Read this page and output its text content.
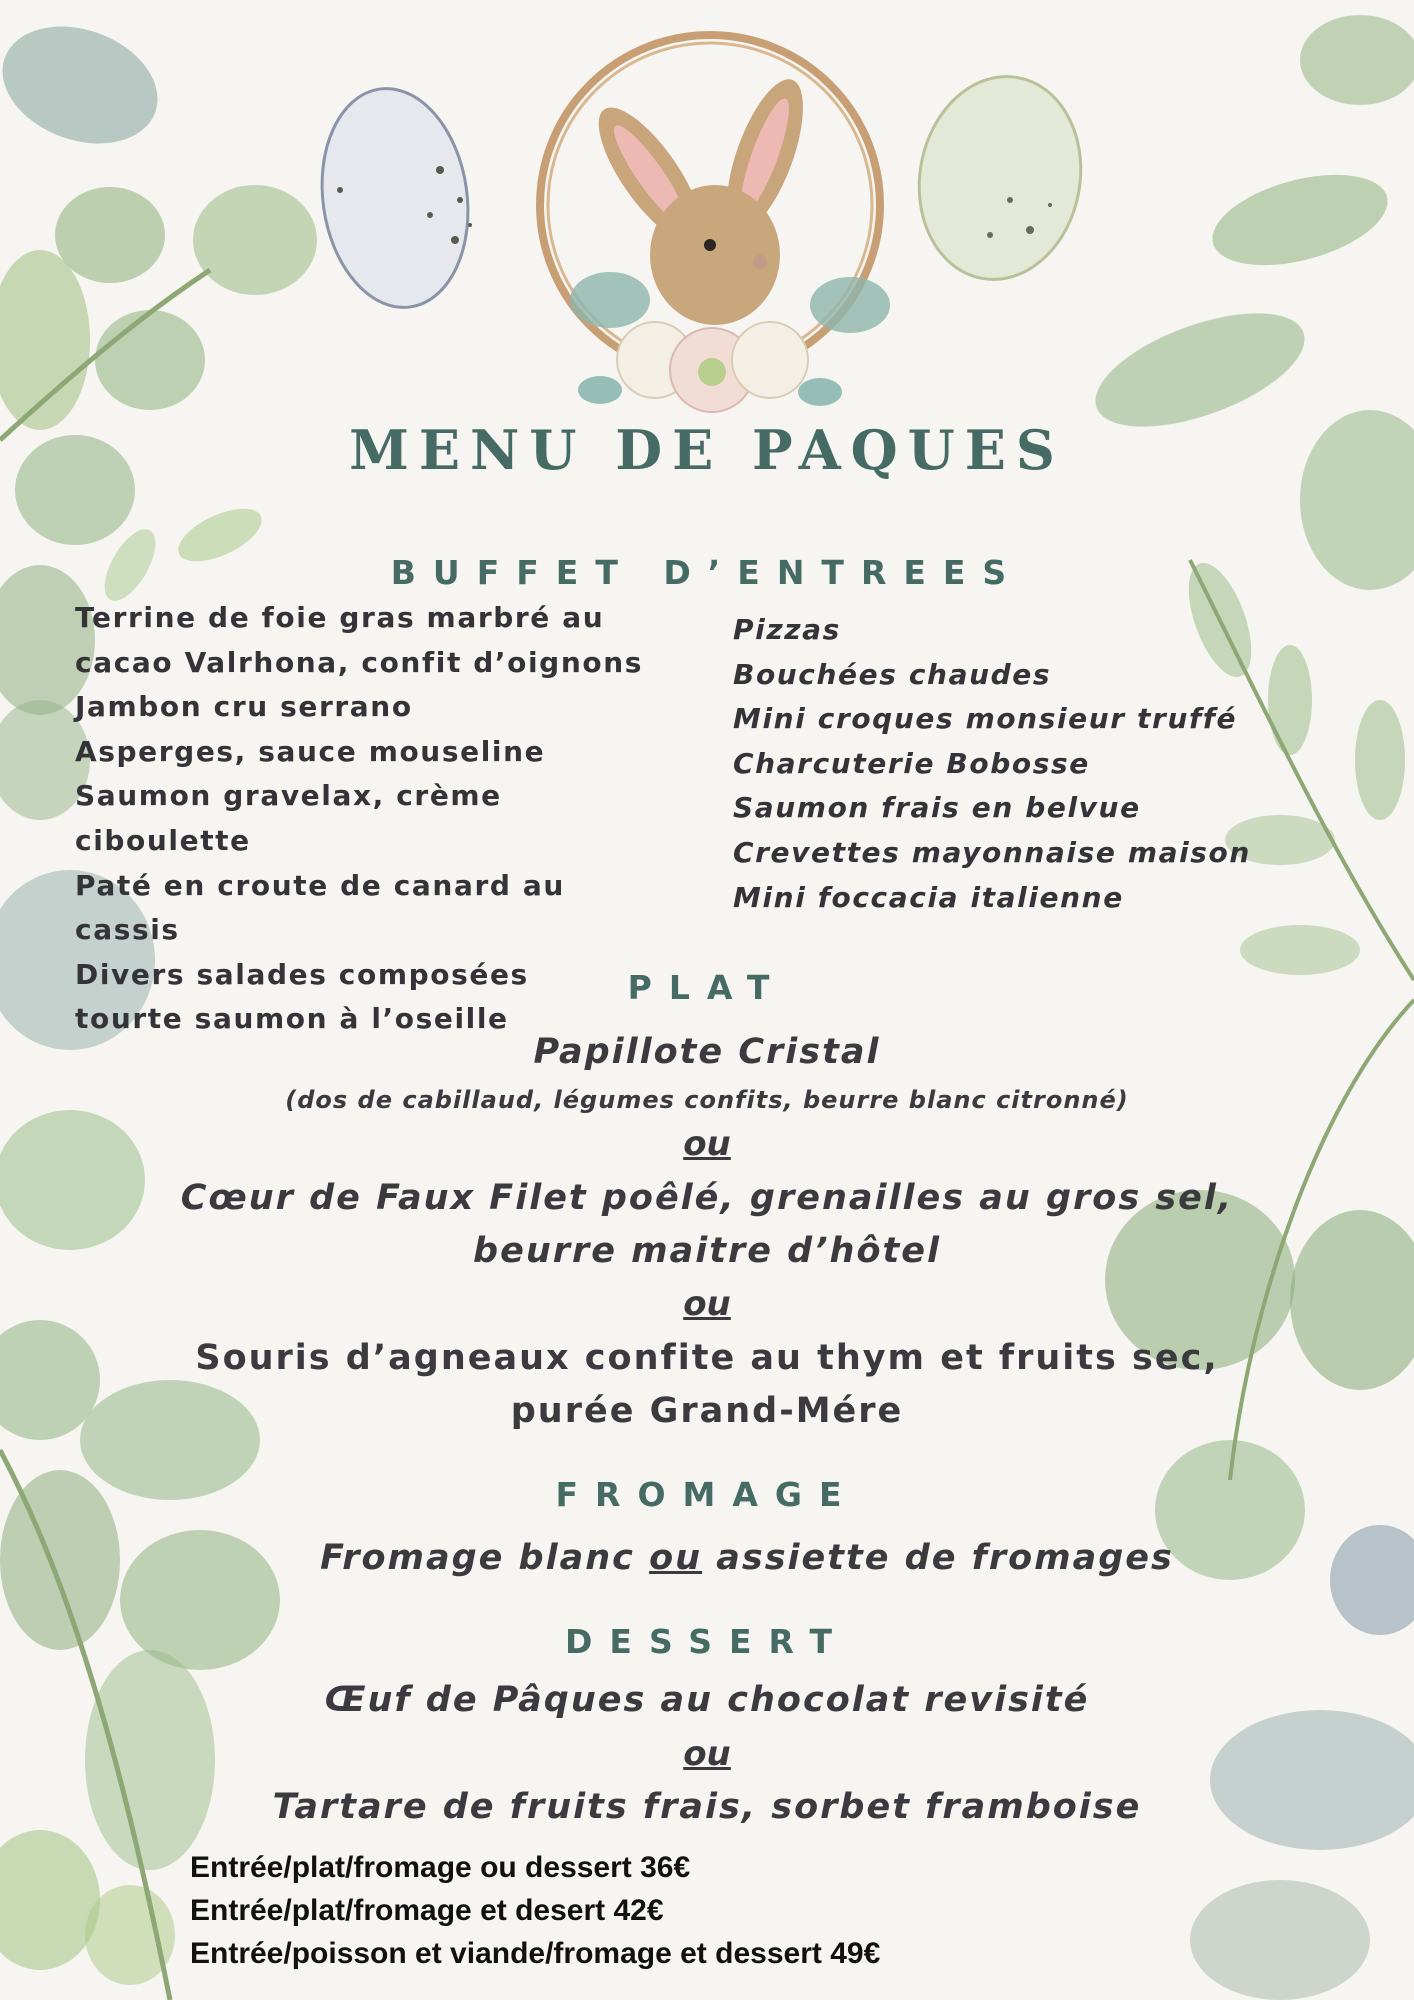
MENU DE PAQUES
BUFFET D’ENTREES
Terrine de foie gras marbré au
cacao Valrhona, confit d’oignons
Jambon cru serrano
Asperges, sauce mouseline
Saumon gravelax, crème
ciboulette
Paté en croute de canard au
cassis
Divers salades composées
tourte saumon à l’oseille
Pizzas
Bouchées chaudes
Mini croques monsieur truffé
Charcuterie Bobosse
Saumon frais en belvue
Crevettes mayonnaise maison
Mini foccacia italienne
PLAT
Papillote Cristal
(dos de cabillaud, légumes confits, beurre blanc citronné)
ou
Cœur de Faux Filet poêlé, grenailles au gros sel,
beurre maitre d’hôtel
ou
Souris d’agneaux confite au thym et fruits sec,
purée Grand-Mére
FROMAGE
Fromage blanc ou assiette de fromages
DESSERT
Œuf de Pâques au chocolat revisité
ou
Tartare de fruits frais, sorbet framboise
Entrée/plat/fromage ou dessert 36€
Entrée/plat/fromage et desert 42€
Entrée/poisson et viande/fromage et dessert 49€
